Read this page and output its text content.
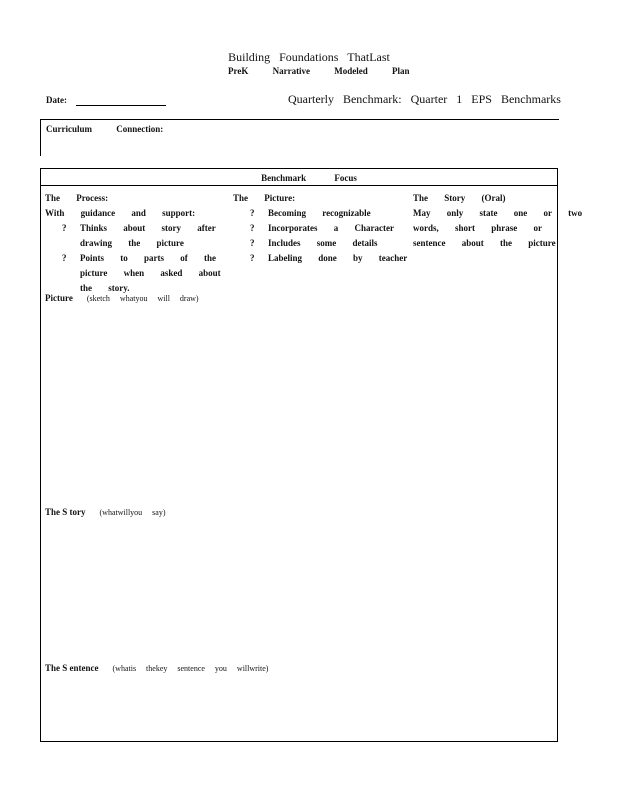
Building Foundations ThatLast
PreK Narrative Modeled Plan
Date:	Quarterly Benchmark: Quarter 1 EPS Benchmarks
Curriculum Connection:
Benchmark Focus
The Process:
With guidance and support:
? Thinks about story after
drawing the picture
? Points to parts of the
picture when asked about
the story.
The Picture:
? Becoming recognizable
? Incorporates a Character
? Includes some details
? Labeling done by teacher
The Story (Oral)
May only state one or two
words, short phrase or
sentence about the picture
Picture (sketch whatyou will draw)
The S tory (whatwillyou say)
The S entence (whatis thekey sentence you willwrite)
